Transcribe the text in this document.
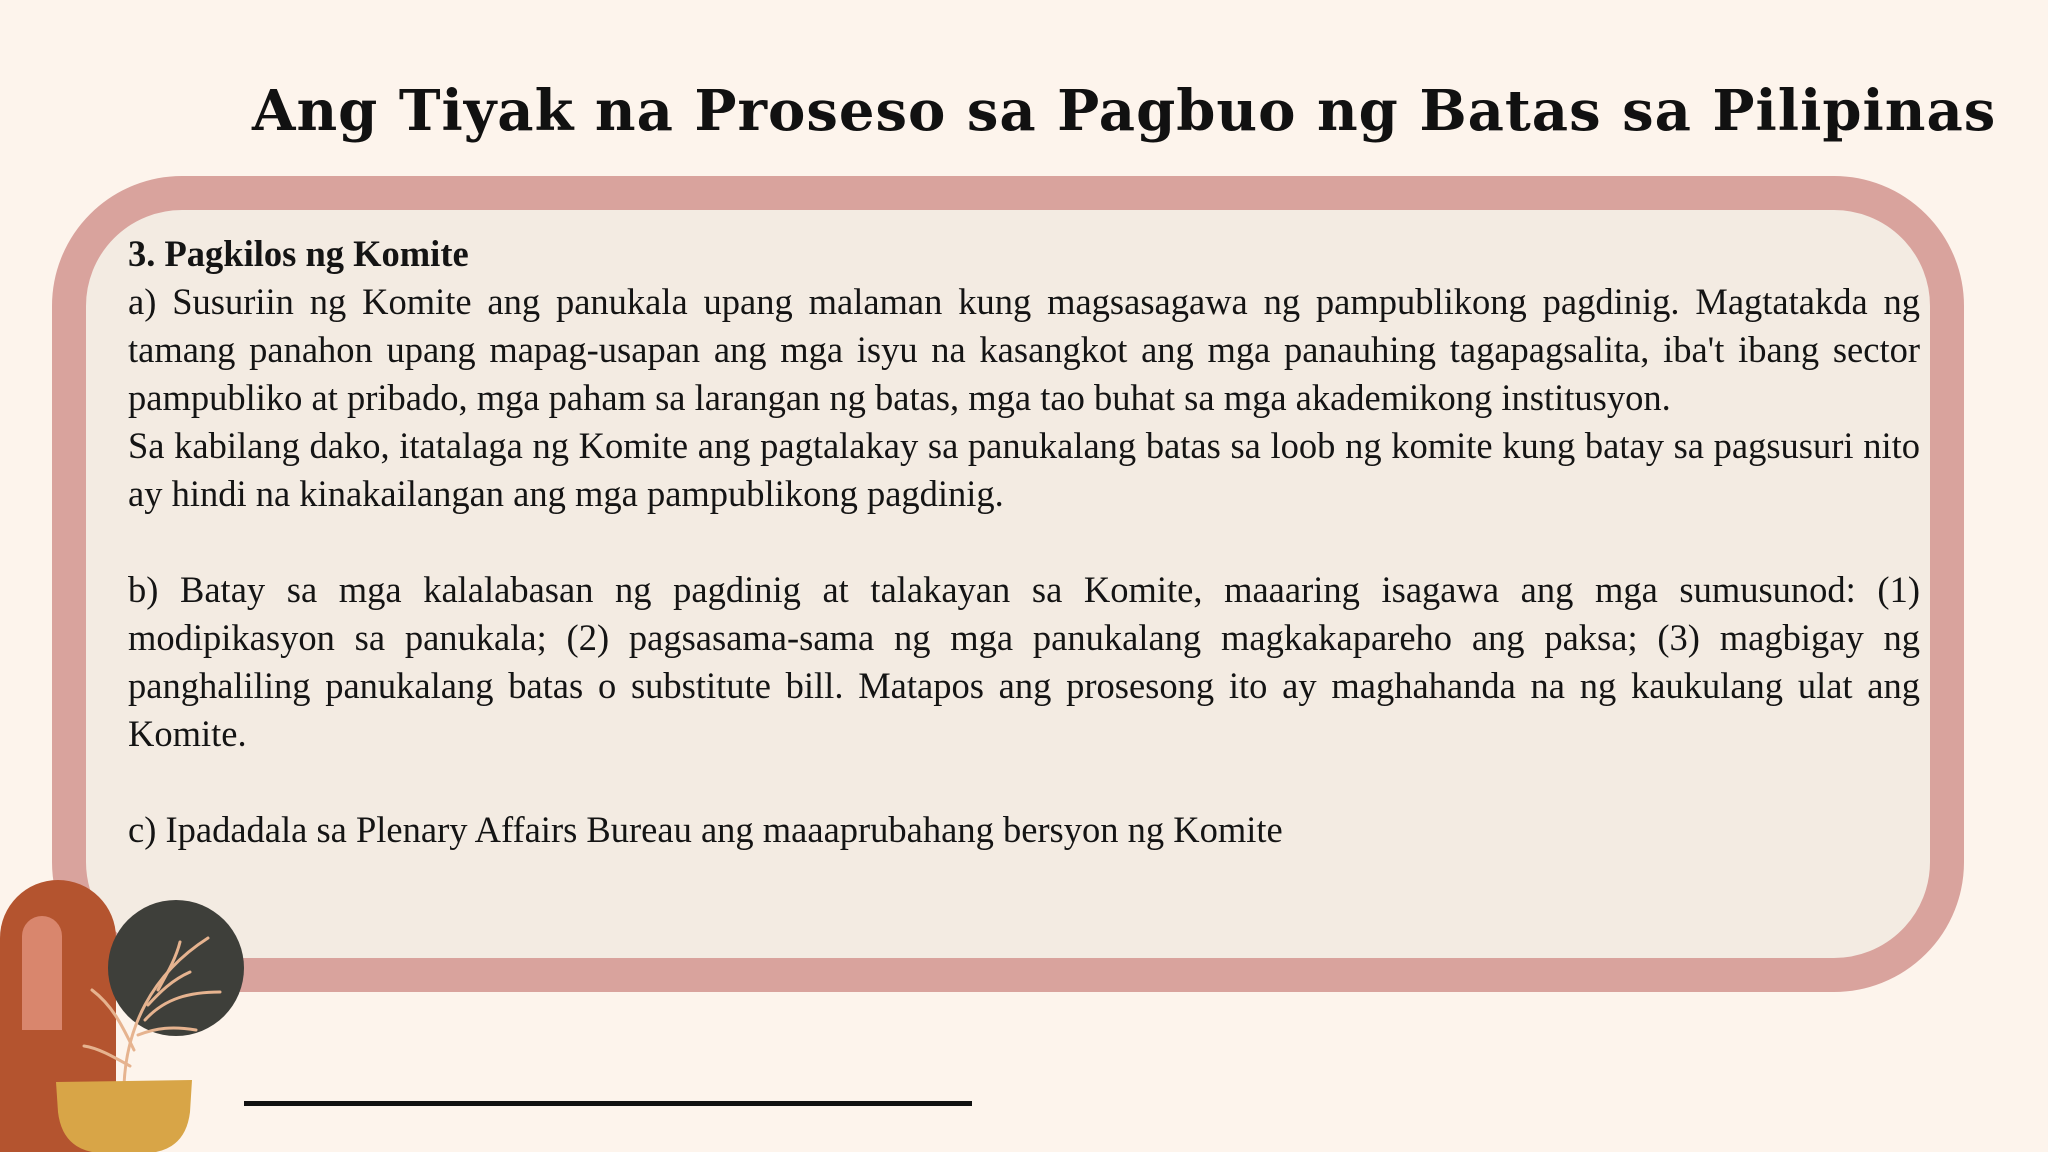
Ang Tiyak na Proseso sa Pagbuo ng Batas sa Pilipinas

3. Pagkilos ng Komite

a) Susuriin ng Komite ang panukala upang malaman kung magsasagawa ng pampublikong pagdinig. Magtatakda ng tamang panahon upang mapag-usapan ang mga isyu na kasangkot ang mga panauhing tagapagsalita, iba't ibang sector pampubliko at pribado, mga paham sa larangan ng batas, mga tao buhat sa mga akademikong institusyon.

Sa kabilang dako, itatalaga ng Komite ang pagtalakay sa panukalang batas sa loob ng komite kung batay sa pagsusuri nito ay hindi na kinakailangan ang mga pampublikong pagdinig.

b) Batay sa mga kalalabasan ng pagdinig at talakayan sa Komite, maaaring isagawa ang mga sumusunod: (1) modipikasyon sa panukala; (2) pagsasama-sama ng mga panukalang magkakapareho ang paksa; (3) magbigay ng panghaliling panukalang batas o substitute bill. Matapos ang prosesong ito ay maghahanda na ng kaukulang ulat ang Komite.

c) Ipadadala sa Plenary Affairs Bureau ang maaaprubahang bersyon ng Komite
